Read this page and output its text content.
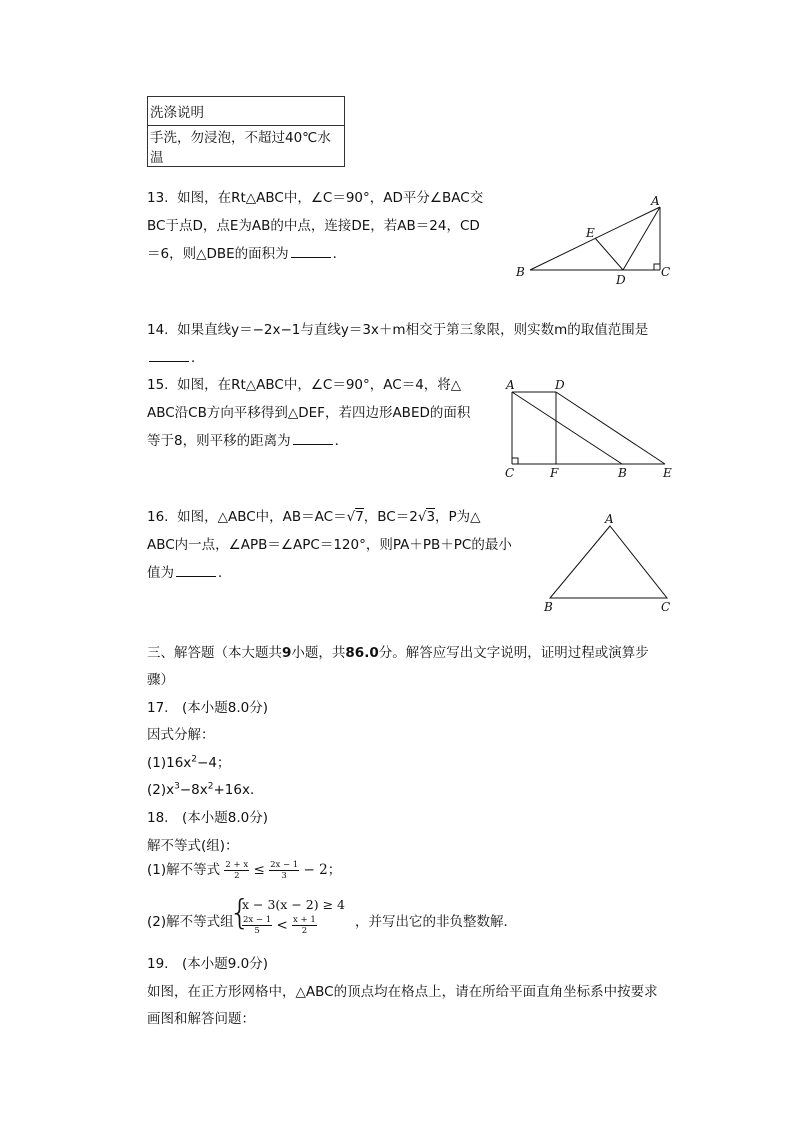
洗涤说明
手洗，勿浸泡，不超过40℃水温
13. 如图，在Rt△ABC中，∠C＝90°，AD平分∠BAC交
BC于点D，点E为AB的中点，连接DE，若AB＝24，CD
＝6，则△DBE的面积为	．
A
E
B
D
C
14. 如果直线y＝−2x−1与直线y＝3x＋m相交于第三象限，则实数m的取值范围是
．
15. 如图，在Rt△ABC中，∠C＝90°，AC＝4，将△
ABC沿CB方向平移得到△DEF，若四边形ABED的面积
等于8，则平移的距离为	．
A	D
C	F	B	E
16. 如图，△ABC中，AB＝AC＝√7，BC＝2√3，P为△
ABC内一点，∠APB＝∠APC＝120°，则PA＋PB＋PC的最小
值为	．
A
B	C
三、解答题（本大题共9小题，共86.0分。解答应写出文字说明，证明过程或演算步
骤）
17.　(本小题8.0分)
因式分解：
$(1)16x^2-4$；
$(2)x^3-8x^2+16x$．
18.　(本小题8.0分)
解不等式(组)：
(1)解不等式 $\frac{2 + x}{2} \le \frac{2x - 1}{3} - 2$；
(2)解不等式组
{
x − 3(x − 2) ≥ 4
$\frac{2x - 1}{5} < \frac{x + 1}{2}$	，并写出它的非负整数解．
19.　(本小题9.0分)
如图，在正方形网格中，△ABC的顶点均在格点上，请在所给平面直角坐标系中按要求
画图和解答问题：
